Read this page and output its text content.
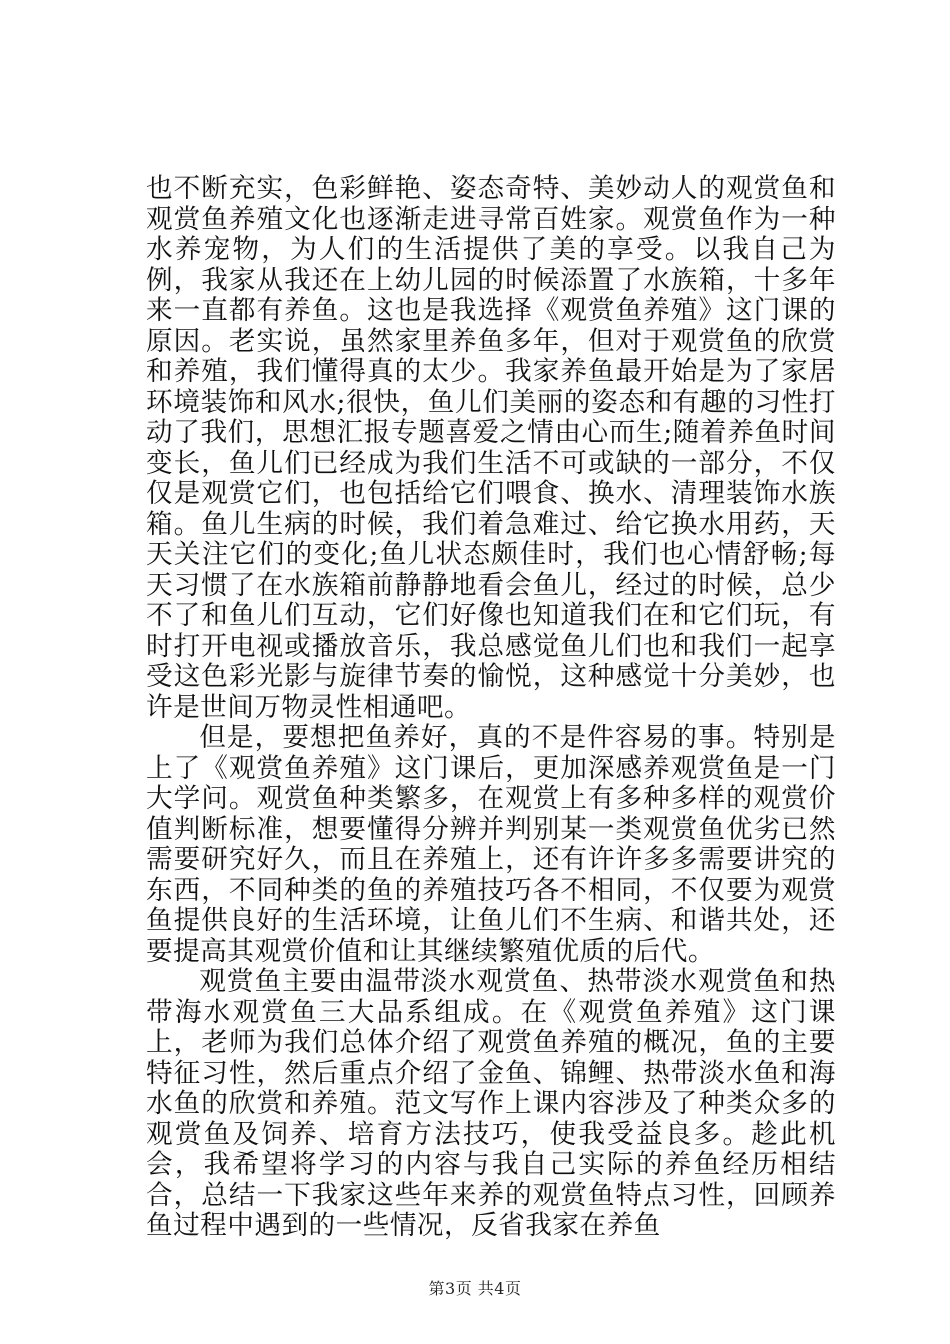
也不断充实，色彩鲜艳、姿态奇特、美妙动人的观赏鱼和观赏鱼养殖文化也逐渐走进寻常百姓家。观赏鱼作为一种水养宠物，为人们的生活提供了美的享受。以我自己为例，我家从我还在上幼儿园的时候添置了水族箱，十多年来一直都有养鱼。这也是我选择《观赏鱼养殖》这门课的原因。老实说，虽然家里养鱼多年，但对于观赏鱼的欣赏和养殖，我们懂得真的太少。我家养鱼最开始是为了家居环境装饰和风水;很快，鱼儿们美丽的姿态和有趣的习性打动了我们，思想汇报专题喜爱之情由心而生;随着养鱼时间变长，鱼儿们已经成为我们生活不可或缺的一部分，不仅仅是观赏它们，也包括给它们喂食、换水、清理装饰水族箱。鱼儿生病的时候，我们着急难过、给它换水用药，天天关注它们的变化;鱼儿状态颇佳时，我们也心情舒畅;每天习惯了在水族箱前静静地看会鱼儿，经过的时候，总少不了和鱼儿们互动，它们好像也知道我们在和它们玩，有时打开电视或播放音乐，我总感觉鱼儿们也和我们一起享受这色彩光影与旋律节奏的愉悦，这种感觉十分美妙，也许是世间万物灵性相通吧。

但是，要想把鱼养好，真的不是件容易的事。特别是上了《观赏鱼养殖》这门课后，更加深感养观赏鱼是一门大学问。观赏鱼种类繁多，在观赏上有多种多样的观赏价值判断标准，想要懂得分辨并判别某一类观赏鱼优劣已然需要研究好久，而且在养殖上，还有许许多多需要讲究的东西，不同种类的鱼的养殖技巧各不相同，不仅要为观赏鱼提供良好的生活环境，让鱼儿们不生病、和谐共处，还要提高其观赏价值和让其继续繁殖优质的后代。

观赏鱼主要由温带淡水观赏鱼、热带淡水观赏鱼和热带海水观赏鱼三大品系组成。在《观赏鱼养殖》这门课上，老师为我们总体介绍了观赏鱼养殖的概况，鱼的主要特征习性，然后重点介绍了金鱼、锦鲤、热带淡水鱼和海水鱼的欣赏和养殖。范文写作上课内容涉及了种类众多的观赏鱼及饲养、培育方法技巧，使我受益良多。趁此机会，我希望将学习的内容与我自己实际的养鱼经历相结合，总结一下我家这些年来养的观赏鱼特点习性，回顾养鱼过程中遇到的一些情况，反省我家在养鱼

第3页 共4页
